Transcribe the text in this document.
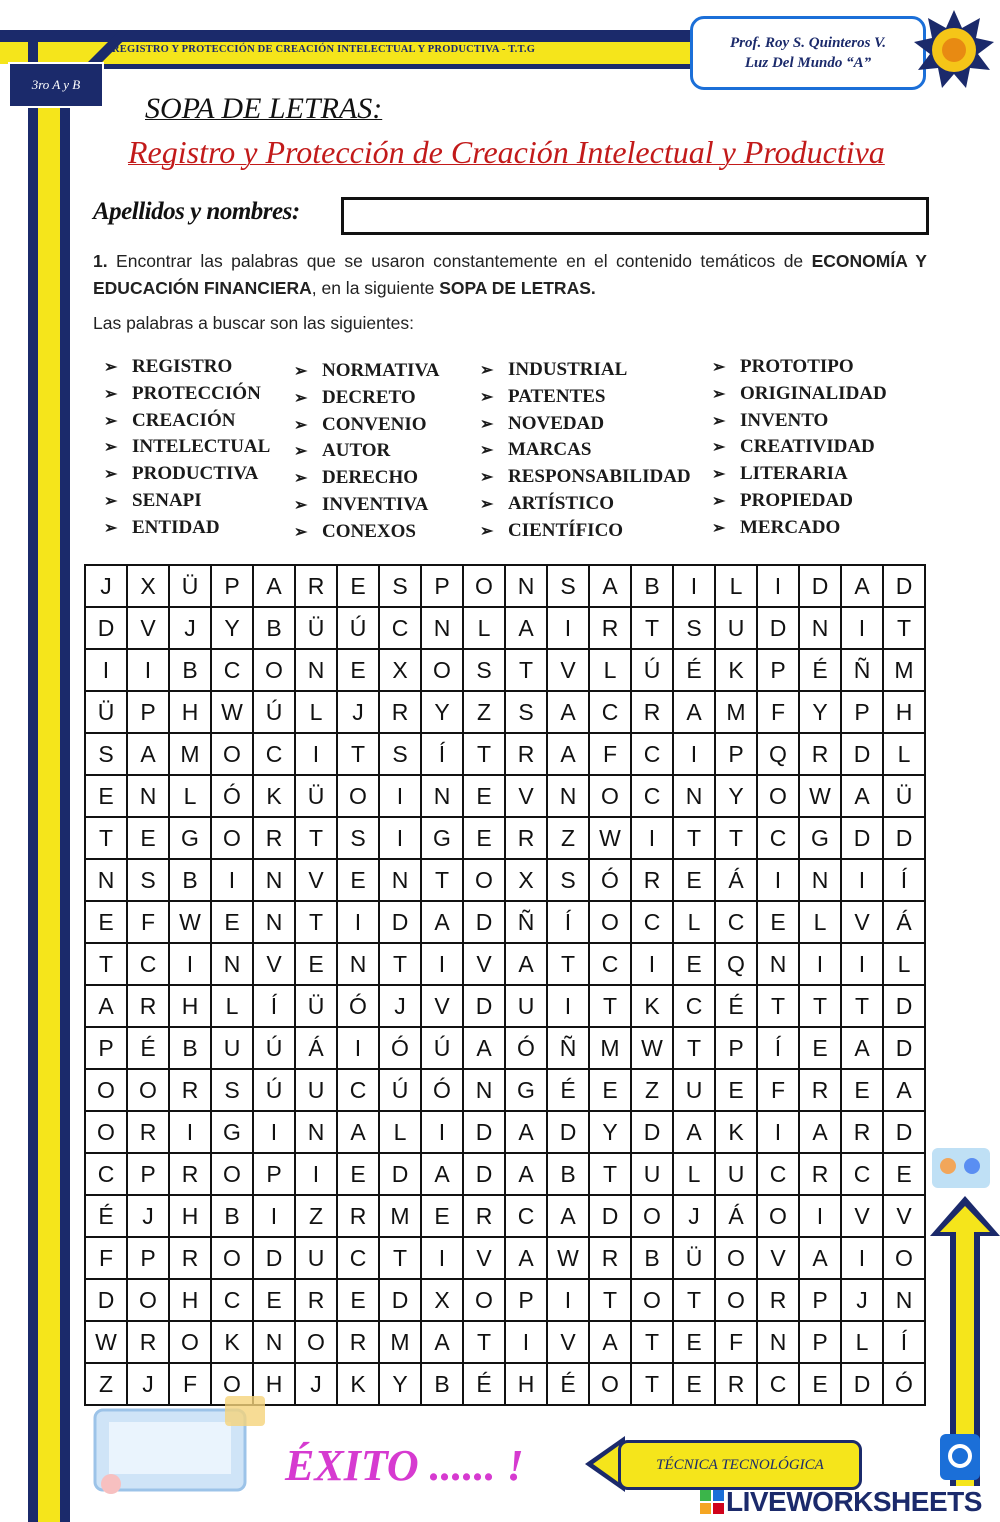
REGISTRO Y PROTECCIÓN DE CREACIÓN INTELECTUAL Y PRODUCTIVA - T.T.G
3ro A y B
Prof. Roy S. Quinteros V.
Luz Del Mundo “A”
SOPA DE LETRAS:
Registro y Protección de Creación Intelectual y Productiva
Apellidos y nombres:
1. Encontrar las palabras que se usaron constantemente en el contenido temáticos de ECONOMÍA Y EDUCACIÓN FINANCIERA, en la siguiente SOPA DE LETRAS.
Las palabras a buscar son las siguientes:
➢ REGISTRO
➢ PROTECCIÓN
➢ CREACIÓN
➢ INTELECTUAL
➢ PRODUCTIVA
➢ SENAPI
➢ ENTIDAD
➢ NORMATIVA
➢ DECRETO
➢ CONVENIO
➢ AUTOR
➢ DERECHO
➢ INVENTIVA
➢ CONEXOS
➢ INDUSTRIAL
➢ PATENTES
➢ NOVEDAD
➢ MARCAS
➢ RESPONSABILIDAD
➢ ARTÍSTICO
➢ CIENTÍFICO
➢ PROTOTIPO
➢ ORIGINALIDAD
➢ INVENTO
➢ CREATIVIDAD
➢ LITERARIA
➢ PROPIEDAD
➢ MERCADO
J	X	Ü	P	A	R	E	S	P	O	N	S	A	B	I	L	I	D	A	D
D	V	J	Y	B	Ü	Ú	C	N	L	A	I	R	T	S	U	D	N	I	T
I	I	B	C	O	N	E	X	O	S	T	V	L	Ú	É	K	P	É	Ñ	M
Ü	P	H	W	Ú	L	J	R	Y	Z	S	A	C	R	A	M	F	Y	P	H
S	A	M	O	C	I	T	S	Í	T	R	A	F	C	I	P	Q	R	D	L
E	N	L	Ó	K	Ü	O	I	N	E	V	N	O	C	N	Y	O	W	A	Ü
T	E	G	O	R	T	S	I	G	E	R	Z	W	I	T	T	C	G	D	D
N	S	B	I	N	V	E	N	T	O	X	S	Ó	R	E	Á	I	N	I	Í
E	F	W	E	N	T	I	D	A	D	Ñ	Í	O	C	L	C	E	L	V	Á
T	C	I	N	V	E	N	T	I	V	A	T	C	I	E	Q	N	I	I	L
A	R	H	L	Í	Ü	Ó	J	V	D	U	I	T	K	C	É	T	T	T	D
P	É	B	U	Ú	Á	I	Ó	Ú	A	Ó	Ñ	M	W	T	P	Í	E	A	D
O	O	R	S	Ú	U	C	Ú	Ó	N	G	É	E	Z	U	E	F	R	E	A
O	R	I	G	I	N	A	L	I	D	A	D	Y	D	A	K	I	A	R	D
C	P	R	O	P	I	E	D	A	D	A	B	T	U	L	U	C	R	C	E
É	J	H	B	I	Z	R	M	E	R	C	A	D	O	J	Á	O	I	V	V
F	P	R	O	D	U	C	T	I	V	A	W	R	B	Ü	O	V	A	I	O
D	O	H	C	E	R	E	D	X	O	P	I	T	O	T	O	R	P	J	N
W	R	O	K	N	O	R	M	A	T	I	V	A	T	E	F	N	P	L	Í
Z	J	F	O	H	J	K	Y	B	É	H	É	O	T	E	R	C	E	D	Ó
ÉXITO ...... !	TÉCNICA TECNOLÓGICA
LIVEWORKSHEETS
